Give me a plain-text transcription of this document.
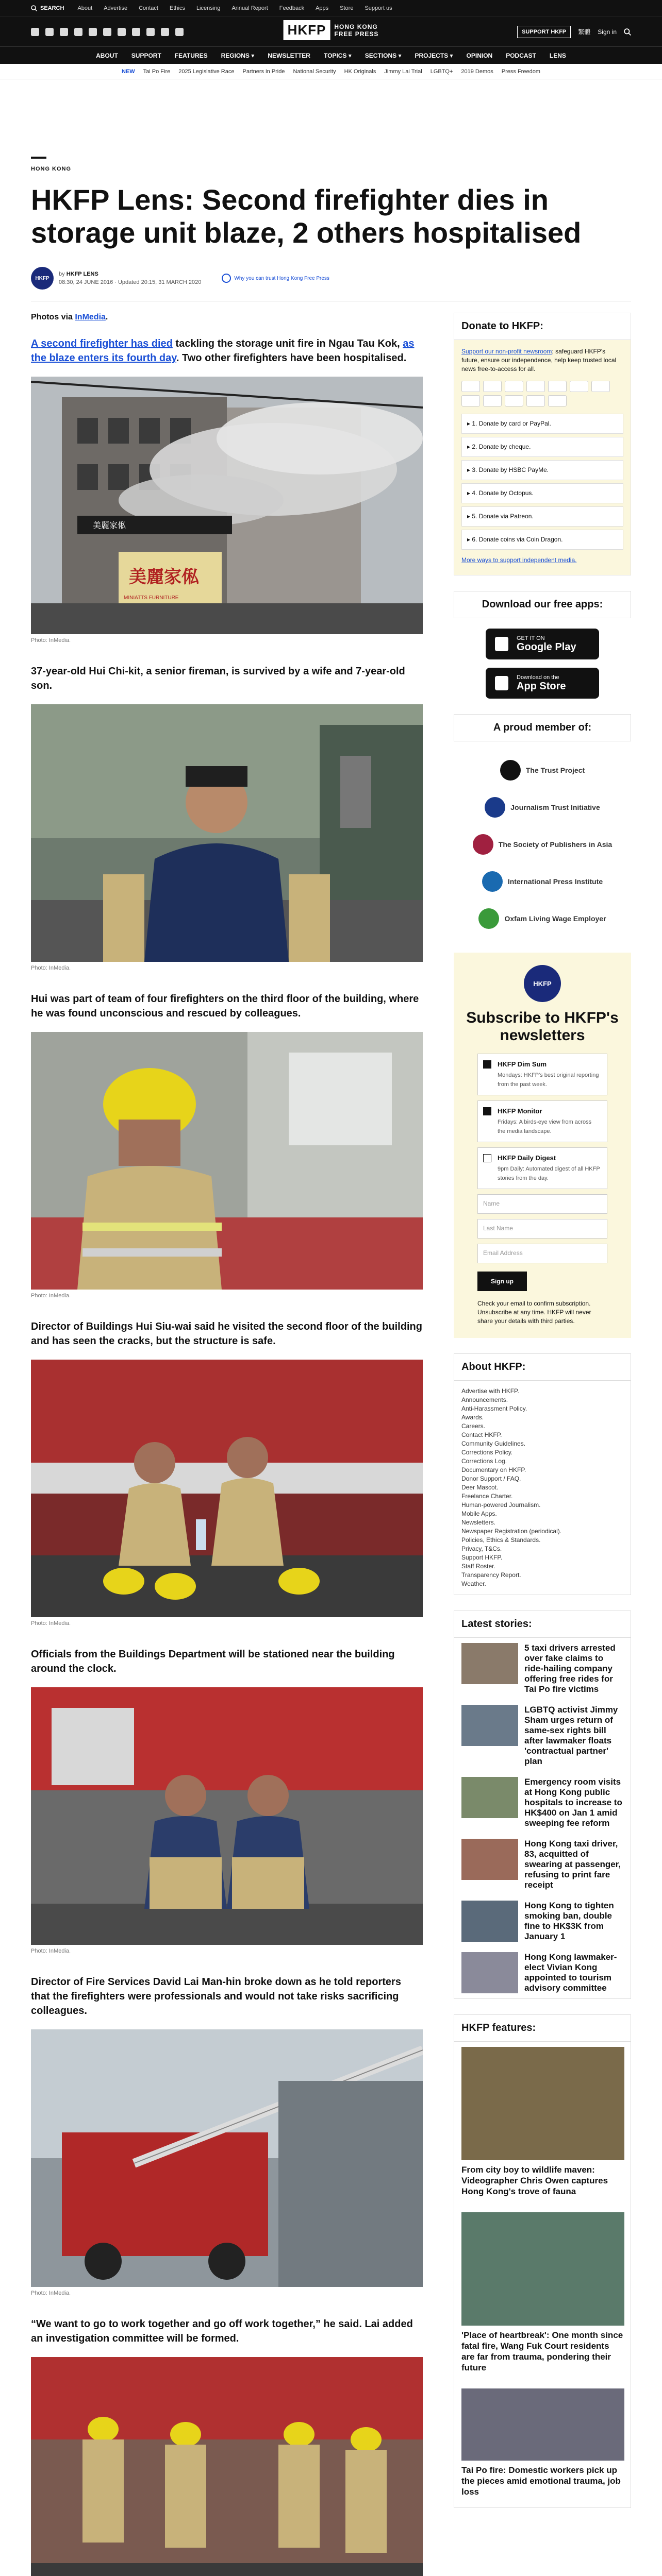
SEARCH About Advertise Contact Ethics Licensing Annual Report Feedback Apps Store Support us
HKFP	HONG KONG
FREE PRESS	SUPPORT HKFP	繁體 Sign in
ABOUT SUPPORT FEATURES REGIONS ▾ NEWSLETTER TOPICS ▾ SECTIONS ▾ PROJECTS ▾ OPINION PODCAST LENS
NEW Tai Po Fire 2025 Legislative Race Partners in Pride National Security HK Originals Jimmy Lai Trial LGBTQ+ 2019 Demos Press Freedom
HONG KONG
HKFP Lens: Second firefighter dies in storage unit blaze, 2 others hospitalised
HKFP
by HKFP LENS
08:30, 24 JUNE 2016 · Updated 20:15, 31 MARCH 2020
Why you can trust Hong Kong Free Press

Photos via InMedia.

A second firefighter has died tackling the storage unit fire in Ngau Tau Kok, as the blaze enters its fourth day. Two other firefighters have been hospitalised.

美麗家俬
美麗家俬
MINIATTS FURNITURE
Photo: InMedia.

37-year-old Hui Chi-kit, a senior fireman, is survived by a wife and 7-year-old son.

Photo: InMedia.

Hui was part of team of four firefighters on the third floor of the building, where he was found unconscious and rescued by colleagues.

Photo: InMedia.

Director of Buildings Hui Siu-wai said he visited the second floor of the building and has seen the cracks, but the structure is safe.

Photo: InMedia.

Officials from the Buildings Department will be stationed near the building around the clock.

Photo: InMedia.

Director of Fire Services David Lai Man-hin broke down as he told reporters that the firefighters were professionals and would not take risks sacrificing colleagues.

Photo: InMedia.

“We want to go to work together and go off work together,” he said. Lai added an investigation committee will be formed.

Donate to HKFP:

Support our non-profit newsroom; safeguard HKFP's future, ensure our independence, help keep trusted local news free-to-access for all.

▸ 1. Donate by card or PayPal.
▸ 2. Donate by cheque.
▸ 3. Donate by HSBC PayMe.
▸ 4. Donate by Octopus.
▸ 5. Donate via Patreon.
▸ 6. Donate coins via Coin Dragon.

More ways to support independent media.

Download our free apps:
GET IT ON
Google Play
Download on the
App Store
A proud member of:
The Trust Project
Journalism Trust Initiative
The Society of Publishers in Asia
International Press Institute
Oxfam Living Wage Employer
HKFP
Subscribe to HKFP's newsletters
HKFP Dim Sum
Mondays: HKFP's best original reporting from the past week.
HKFP Monitor
Fridays: A birds-eye view from across the media landscape.
HKFP Daily Digest
9pm Daily: Automated digest of all HKFP stories from the day.
Name
Last Name
Email Address
Sign up

Check your email to confirm subscription. Unsubscribe at any time. HKFP will never share your details with third parties.

About HKFP:
Advertise with HKFP.
Announcements.
Anti-Harassment Policy.
Awards.
Careers.
Contact HKFP.
Community Guidelines.
Corrections Policy.
Corrections Log.
Documentary on HKFP.
Donor Support / FAQ.
Deer Mascot.
Freelance Charter.
Human-powered Journalism.
Mobile Apps.
Newsletters.
Newspaper Registration (periodical).
Policies, Ethics & Standards.
Privacy, T&Cs.
Support HKFP.
Staff Roster.
Transparency Report.
Weather.
Latest stories:
5 taxi drivers arrested over fake claims to ride-hailing company offering free rides for Tai Po fire victims
LGBTQ activist Jimmy Sham urges return of same-sex rights bill after lawmaker floats 'contractual partner' plan
Emergency room visits at Hong Kong public hospitals to increase to HK$400 on Jan 1 amid sweeping fee reform
Hong Kong taxi driver, 83, acquitted of swearing at passenger, refusing to print fare receipt
Hong Kong to tighten smoking ban, double fine to HK$3K from January 1
Hong Kong lawmaker-elect Vivian Kong appointed to tourism advisory committee
HKFP features:
From city boy to wildlife maven: Videographer Chris Owen captures Hong Kong's trove of fauna
'Place of heartbreak': One month since fatal fire, Wang Fuk Court residents are far from trauma, pondering their future
Tai Po fire: Domestic workers pick up the pieces amid emotional trauma, job loss
